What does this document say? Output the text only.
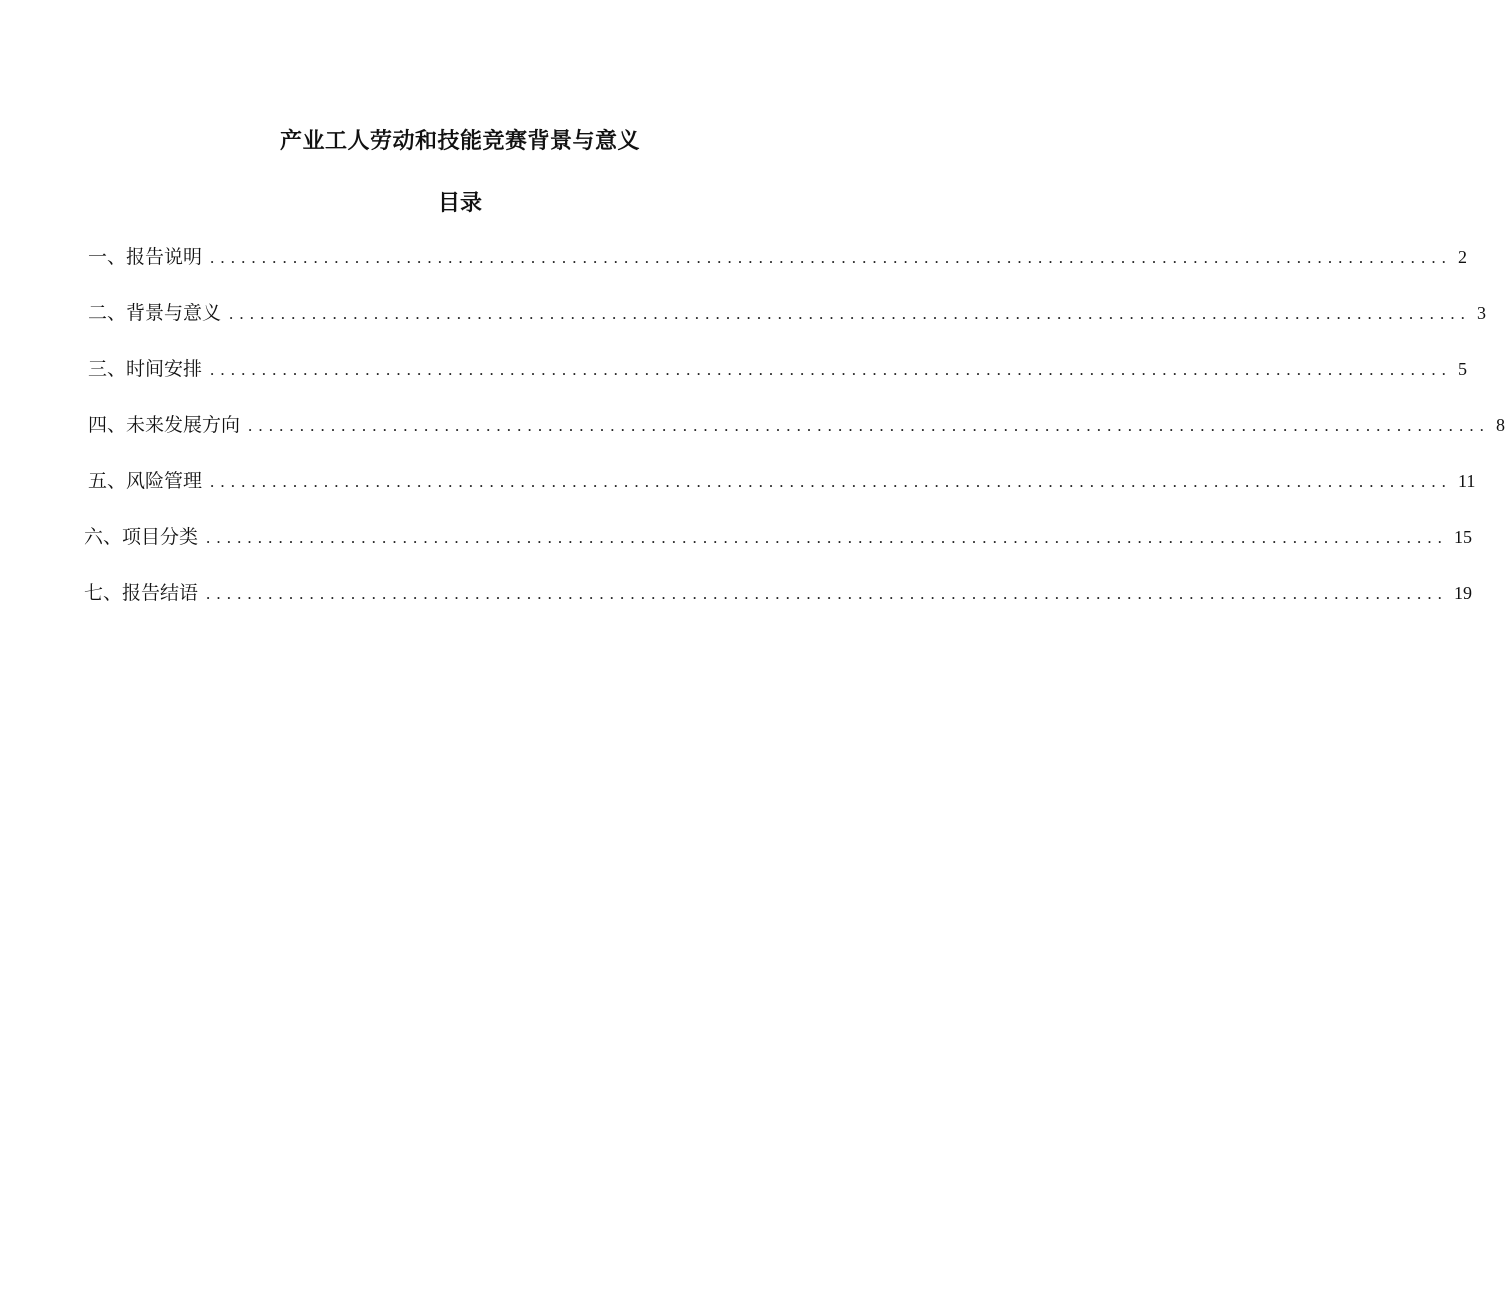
产业工人劳动和技能竞赛背景与意义
目录
一、报告说明 ........................................................................................................................ 2
二、背景与意义 ........................................................................................................................ 3
三、时间安排 ........................................................................................................................ 5
四、未来发展方向 ........................................................................................................................ 8
五、风险管理 ........................................................................................................................ 11
六、项目分类 ........................................................................................................................ 15
七、报告结语 ........................................................................................................................ 19
